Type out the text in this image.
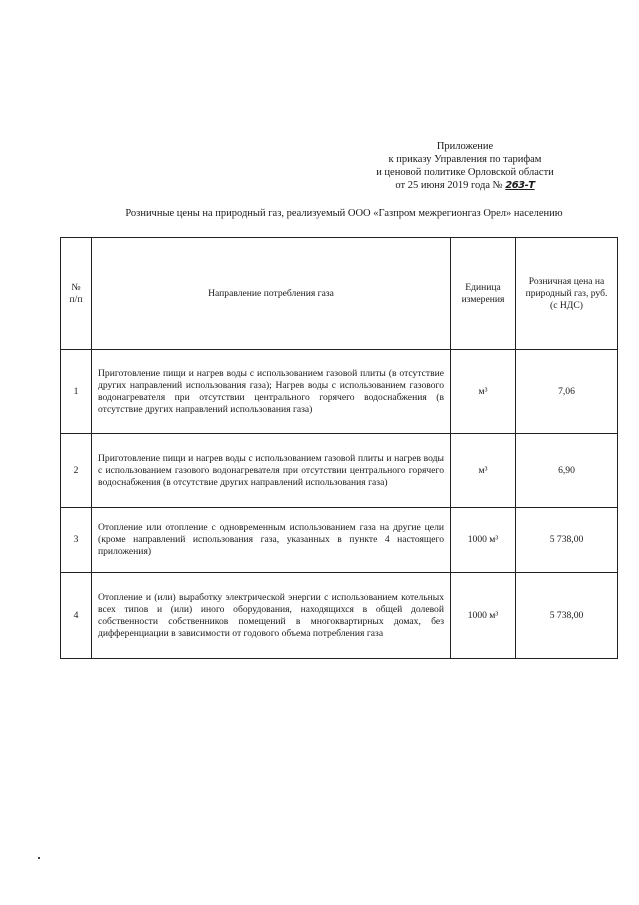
Приложение
к приказу Управления по тарифам
и ценовой политике Орловской области
от 25 июня 2019 года № 263-Т
Розничные цены на природный газ, реализуемый ООО «Газпром межрегионгаз Орел» населению
№ п/п	Направление потребления газа	Единица измерения	Розничная цена на природный газ, руб. (с НДС)
1	Приготовление пищи и нагрев воды с использованием газовой плиты (в отсутствие других направлений использования газа); Нагрев воды с использованием газового водонагревателя при отсутствии центрального горячего водоснабжения (в отсутствие других направлений использования газа)	м³	7,06
2	Приготовление пищи и нагрев воды с использованием газовой плиты и нагрев воды с использованием газового водонагревателя при отсутствии центрального горячего водоснабжения (в отсутствие других направлений использования газа)	м³	6,90
3	Отопление или отопление с одновременным использованием газа на другие цели (кроме направлений использования газа, указанных в пункте 4 настоящего приложения)	1000 м³	5 738,00
4	Отопление и (или) выработку электрической энергии с использованием котельных всех типов и (или) иного оборудования, находящихся в общей долевой собственности собственников помещений в многоквартирных домах, без дифференциации в зависимости от годового объема потребления газа	1000 м³	5 738,00
